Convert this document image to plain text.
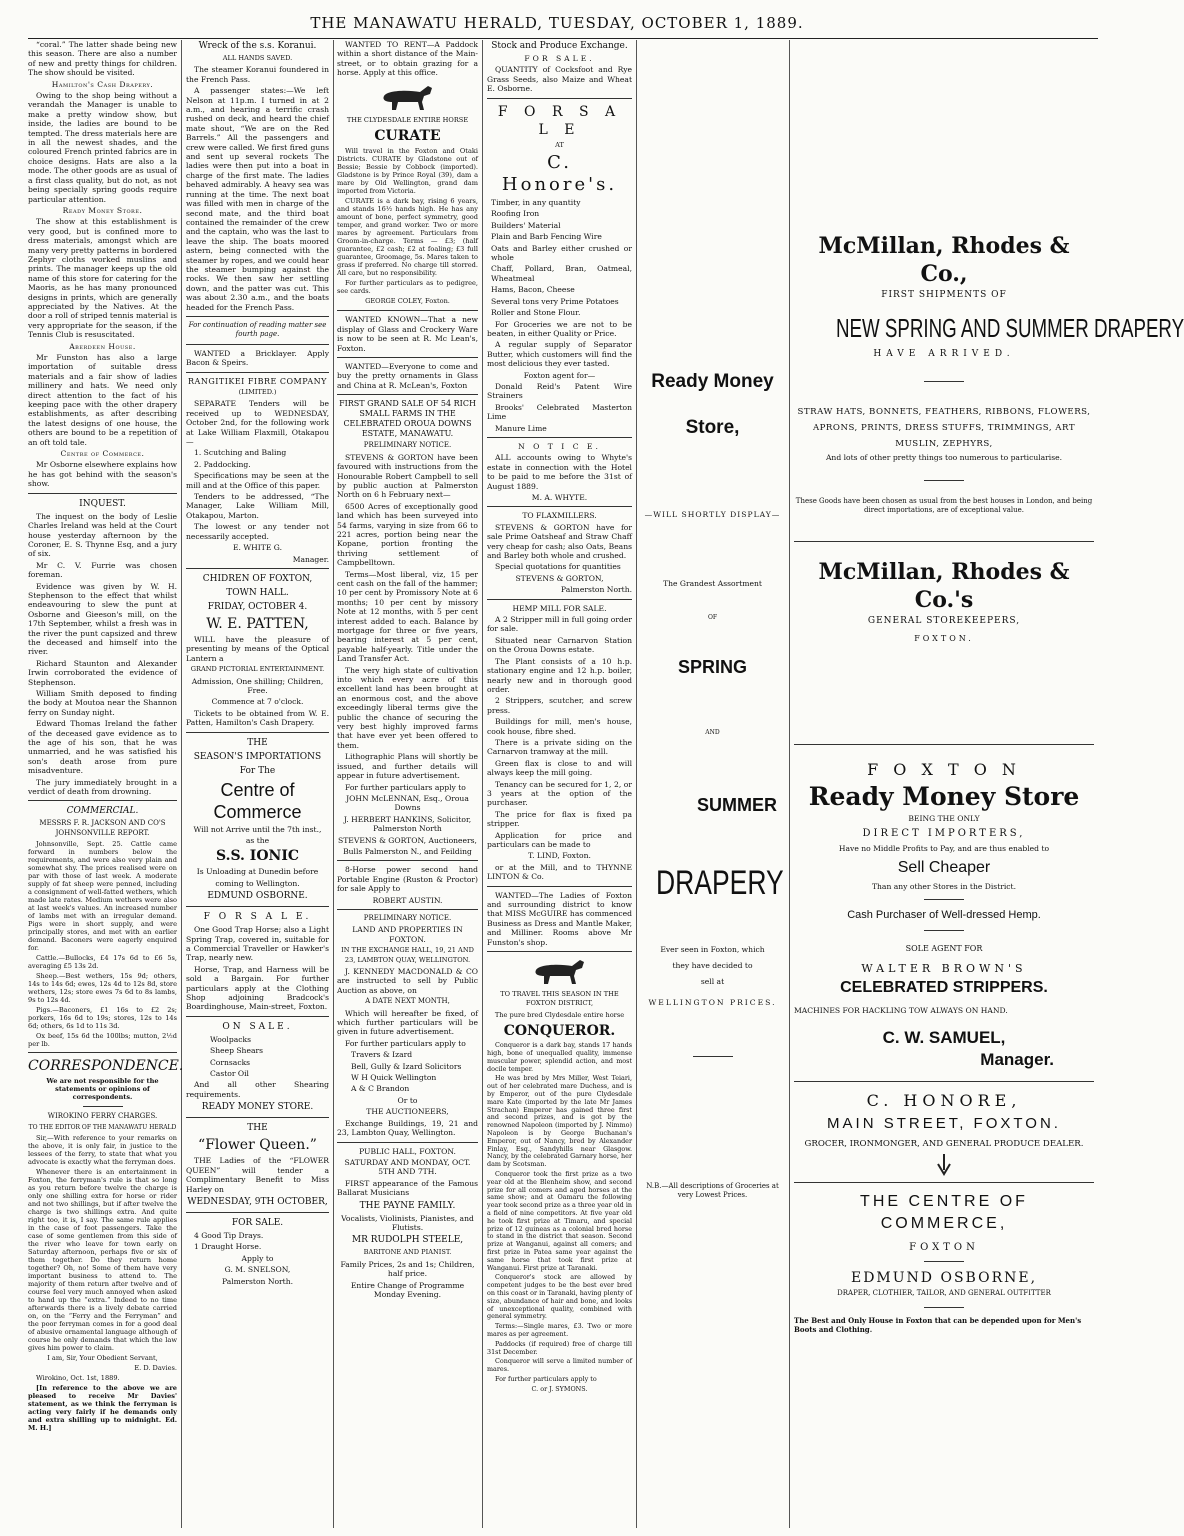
THE MANAWATU HERALD, TUESDAY, OCTOBER 1, 1889.

“coral.” The latter shade being new this season. There are also a number of new and pretty things for children. The show should be visited.

Hamilton's Cash Drapery.

Owing to the shop being without a verandah the Manager is unable to make a pretty window show, but inside, the ladies are bound to be tempted. The dress materials here are in all the newest shades, and the coloured French printed fabrics are in choice designs. Hats are also a la mode. The other goods are as usual of a first class quality, but do not, as not being specially spring goods require particular attention.

Ready Money Store.

The show at this establishment is very good, but is confined more to dress materials, amongst which are many very pretty patterns in bordered Zephyr cloths worked muslins and prints. The manager keeps up the old name of this store for catering for the Maoris, as he has many pronounced designs in prints, which are generally appreciated by the Natives. At the door a roll of striped tennis material is very appropriate for the season, if the Tennis Club is resuscitated.

Aberdeen House.

Mr Funston has also a large importation of suitable dress materials and a fair show of ladies millinery and hats. We need only direct attention to the fact of his keeping pace with the other drapery establishments, as after describing the latest designs of one house, the others are bound to be a repetition of an oft told tale.

Centre of Commerce.

Mr Osborne elsewhere explains how he has got behind with the season's show.

INQUEST.

The inquest on the body of Leslie Charles Ireland was held at the Court house yesterday afternoon by the Coroner, E. S. Thynne Esq, and a jury of six.

Mr C. V. Furrie was chosen foreman.

Evidence was given by W. H. Stephenson to the effect that whilst endeavouring to slew the punt at Osborne and Gieeson's mill, on the 17th September, whilst a fresh was in the river the punt capsized and threw the deceased and himself into the river.

Richard Staunton and Alexander Irwin corroborated the evidence of Stephenson.

William Smith deposed to finding the body at Moutoa near the Shannon ferry on Sunday night.

Edward Thomas Ireland the father of the deceased gave evidence as to the age of his son, that he was unmarried, and he was satisfied his son's death arose from pure misadventure.

The jury immediately brought in a verdict of death from drowning.

COMMERCIAL.

MESSRS F. R. JACKSON AND CO'S JOHNSONVILLE REPORT.

Johnsonville, Sept. 25. Cattle came forward in numbers below the requirements, and were also very plain and somewhat shy. The prices realised were on par with those of last week. A moderate supply of fat sheep were penned, including a consignment of well-fatted wethers, which made late rates. Medium wethers were also at last week's values. An increased number of lambs met with an irregular demand. Pigs were in short supply, and were principally stores, and met with an earlier demand. Baconers were eagerly enquired for.

Cattle.—Bullocks, £4 17s 6d to £6 5s, averaging £5 13s 2d.

Sheep.—Best wethers, 15s 9d; others, 14s to 14s 6d; ewes, 12s 4d to 12s 8d, store wethers, 12s; store ewes 7s 6d to 8s lambs, 9s to 12s 4d.

Pigs.—Baconers, £1 16s to £2 2s; porkers, 16s 6d to 19s; stores, 12s to 14s 6d; others, 6s 1d to 11s 3d.

Ox beef, 15s 6d the 100lbs; mutton, 2½d per lb.

CORRESPONDENCE.

We are not responsible for the statements or opinions of correspondents.

WIROKINO FERRY CHARGES.

TO THE EDITOR OF THE MANAWATU HERALD

Sir,—With reference to your remarks on the above, it is only fair, in justice to the lessees of the ferry, to state that what you advocate is exactly what the ferryman does.

Whenever there is an entertainment in Foxton, the ferryman's rule is that so long as you return before twelve the charge is only one shilling extra for horse or rider and not two shillings, but if after twelve the charge is two shillings extra. And quite right too, it is, I say. The same rule applies in the case of foot passengers. Take the case of some gentlemen from this side of the river who leave for town early on Saturday afternoon, perhaps five or six of them together. Do they return home together? Oh, no! Some of them have very important business to attend to. The majority of them return after twelve and of course feel very much annoyed when asked to hand up the “extra.” Indeed to no time afterwards there is a lively debate carried on, on the “Ferry and the Ferryman” and the poor ferryman comes in for a good deal of abusive ornamental language although of course he only demands that which the law gives him power to claim.

I am, Sir, Your Obedient Servant,

E. D. Davies.

Wirokino, Oct. 1st, 1889.

[In reference to the above we are pleased to receive Mr Davies' statement, as we think the ferryman is acting very fairly if he demands only and extra shilling up to midnight. Ed. M. H.]

Wreck of the s.s. Koranui.

ALL HANDS SAVED.

The steamer Koranui foundered in the French Pass.

A passenger states:—We left Nelson at 11p.m. I turned in at 2 a.m., and hearing a terrific crash rushed on deck, and heard the chief mate shout, “We are on the Red Barrels.” All the passengers and crew were called. We first fired guns and sent up several rockets The ladies were then put into a boat in charge of the first mate. The ladies behaved admirably. A heavy sea was running at the time. The next boat was filled with men in charge of the second mate, and the third boat contained the remainder of the crew and the captain, who was the last to leave the ship. The boats moored astern, being connected with the steamer by ropes, and we could hear the steamer bumping against the rocks. We then saw her settling down, and the patter was cut. This was about 2.30 a.m., and the boats headed for the French Pass.

For continuation of reading matter see fourth page.

WANTED a Bricklayer. Apply Bacon & Speirs.

RANGITIKEI FIBRE COMPANY

(LIMITED.)

SEPARATE Tenders will be received up to WEDNESDAY, October 2nd, for the following work at Lake William Flaxmill, Otakapou—

1. Scutching and Baling

2. Paddocking.

Specifications may be seen at the mill and at the Office of this paper.

Tenders to be addressed, “The Manager, Lake William Mill, Otakapou, Marton.

The lowest or any tender not necessarily accepted.

E. WHITE G.

Manager.

CHIDREN OF FOXTON,

TOWN HALL.

FRIDAY, OCTOBER 4.

W. E. PATTEN,

WILL have the pleasure of presenting by means of the Optical Lantern a

GRAND PICTORIAL ENTERTAINMENT.

Admission, One shilling; Children, Free.

Commence at 7 o'clock.

Tickets to be obtained from W. E. Patten, Hamilton's Cash Drapery.

THE

SEASON'S IMPORTATIONS

For The

Centre of Commerce

Will not Arrive until the 7th inst.,

as the

S.S. IONIC

Is Unloading at Dunedin before

coming to Wellington.

EDMUND OSBORNE.

F O R S A L E.

One Good Trap Horse; also a Light Spring Trap, covered in, suitable for a Commercial Traveller or Hawker's Trap, nearly new.

Horse, Trap, and Harness will be sold a Bargain. For further particulars apply at the Clothing Shop adjoining Bradcock's Boardinghouse, Main-street, Foxton.

ON SALE.

Woolpacks

Sheep Shears

Cornsacks

Castor Oil

And all other Shearing requirements.

READY MONEY STORE.

THE

“Flower Queen.”

THE Ladies of the “FLOWER QUEEN” will tender a Complimentary Benefit to Miss Harley on

WEDNESDAY, 9TH OCTOBER,

FOR SALE.

4 Good Tip Drays.

1 Draught Horse.

Apply to

G. M. SNELSON,

Palmerston North.

WANTED TO RENT—A Paddock within a short distance of the Main-street, or to obtain grazing for a horse. Apply at this office.

THE CLYDESDALE ENTIRE HORSE

CURATE

Will travel in the Foxton and Otaki Districts. CURATE by Gladstone out of Bessie; Bessie by Cobbock (imported). Gladstone is by Prince Royal (39), dam a mare by Old Wellington, grand dam imported from Victoria.

CURATE is a dark bay, rising 6 years, and stands 16½ hands high. He has any amount of bone, perfect symmetry, good temper, and grand worker. Two or more mares by agreement. Particulars from Groom-in-charge. Terms — £3; (half guarantee, £2 cash; £2 at foaling; £3 full guarantee, Groomage, 5s. Mares taken to grass if preferred. No charge till storred. All care, but no responsibility.

For further particulars as to pedigree, see cards.

GEORGE COLEY, Foxton.

WANTED KNOWN—That a new display of Glass and Crockery Ware is now to be seen at R. Mc Lean's, Foxton.

WANTED—Everyone to come and buy the pretty ornaments in Glass and China at R. McLean's, Foxton

FIRST GRAND SALE OF 54 RICH SMALL FARMS IN THE CELEBRATED OROUA DOWNS ESTATE, MANAWATU.

PRELIMINARY NOTICE.

STEVENS & GORTON have been favoured with instructions from the Honourable Robert Campbell to sell by public auction at Palmerston North on 6 h February next—

6500 Acres of exceptionally good land which has been surveyed into 54 farms, varying in size from 66 to 221 acres, portion being near the Kopane, portion fronting the thriving settlement of Campbelltown.

Terms—Most liberal, viz, 15 per cent cash on the fall of the hammer; 10 per cent by Promissory Note at 6 months; 10 per cent by missory Note at 12 months, with 5 per cent interest added to each. Balance by mortgage for three or five years, bearing interest at 5 per cent, payable half-yearly. Title under the Land Transfer Act.

The very high state of cultivation into which every acre of this excellent land has been brought at an enormous cost, and the above exceedingly liberal terms give the public the chance of securing the very best highly improved farms that have ever yet been offered to them.

Lithographic Plans will shortly be issued, and further details will appear in future advertisement.

For further particulars apply to

JOHN McLENNAN, Esq., Oroua Downs

J. HERBERT HANKINS, Solicitor, Palmerston North

STEVENS & GORTON, Auctioneers,

Bulls Palmerston N., and Feilding

8-Horse power second hand Portable Engine (Ruston & Proctor) for sale Apply to

ROBERT AUSTIN.

PRELIMINARY NOTICE.

LAND AND PROPERTIES IN FOXTON.

IN THE EXCHANGE HALL, 19, 21 AND 23, LAMBTON QUAY, WELLINGTON.

J. KENNEDY MACDONALD & CO are instructed to sell by Public Auction as above, on

A DATE NEXT MONTH,

Which will hereafter be fixed, of which further particulars will be given in future advertisement.

For further particulars apply to

Travers & Izard

Bell, Gully & Izard Solicitors

W H Quick Wellington

A & C Brandon

Or to

THE AUCTIONEERS,

Exchange Buildings, 19, 21 and 23, Lambton Quay, Wellington.

PUBLIC HALL, FOXTON.

SATURDAY AND MONDAY, OCT. 5TH AND 7TH.

FIRST appearance of the Famous Ballarat Musicians

THE PAYNE FAMILY.

Vocalists, Violinists, Pianistes, and Flutists.

MR RUDOLPH STEELE,

BARITONE AND PIANIST.

Family Prices, 2s and 1s; Children, half price.

Entire Change of Programme Monday Evening.

Stock and Produce Exchange.

FOR SALE.

QUANTITY of Cocksfoot and Rye Grass Seeds, also Maize and Wheat E. Osborne.

F O R S A L E

AT

C. Honore's.

Timber, in any quantity

Roofing Iron

Builders' Material

Plain and Barb Fencing Wire

Oats and Barley either crushed or whole

Chaff, Pollard, Bran, Oatmeal, Wheatmeal

Hams, Bacon, Cheese

Several tons very Prime Potatoes

Roller and Stone Flour.

For Groceries we are not to be beaten, in either Quality or Price.

A regular supply of Separator Butter, which customers will find the most delicious they ever tasted.

Foxton agent for—

Donald Reid's Patent Wire Strainers

Brooks' Celebrated Masterton Lime

Manure Lime

N O T I C E.

ALL accounts owing to Whyte's estate in connection with the Hotel to be paid to me before the 31st of August 1889.

M. A. WHYTE.

TO FLAXMILLERS.

STEVENS & GORTON have for sale Prime Oatsheaf and Straw Chaff very cheap for cash; also Oats, Beans and Barley both whole and crushed.

Special quotations for quantities

STEVENS & GORTON,

Palmerston North.

HEMP MILL FOR SALE.

A 2 Stripper mill in full going order for sale.

Situated near Carnarvon Station on the Oroua Downs estate.

The Plant consists of a 10 h.p. stationary engine and 12 h.p. boiler, nearly new and in thorough good order.

2 Strippers, scutcher, and screw press.

Buildings for mill, men's house, cook house, fibre shed.

There is a private siding on the Carnarvon tramway at the mill.

Green flax is close to and will always keep the mill going.

Tenancy can be secured for 1, 2, or 3 years at the option of the purchaser.

The price for flax is fixed pa stripper.

Application for price and particulars can be made to

T. LIND, Foxton.

or at the Mill, and to THYNNE LINTON & Co.

WANTED—The Ladies of Foxton and surrounding district to know that MISS McGUIRE has commenced Business as Dress and Mantle Maker, and Milliner. Rooms above Mr Funston's shop.

TO TRAVEL THIS SEASON IN THE FOXTON DISTRICT,

The pure bred Clydesdale entire horse

CONQUEROR.

Conqueror is a dark bay, stands 17 hands high, bone of unequalled quality, immense muscular power, splendid action, and most docile temper.

He was bred by Mrs Miller, West Teiari, out of her celebrated mare Duchess, and is by Emperor, out of the pure Clydesdale mare Kate (imported by the late Mr James Strachan) Emperor has gained three first and second prizes, and is got by the renowned Napoleon (imported by J. Nimmo) Napoleon is by George Buchanan's Emperor, out of Nancy, bred by Alexander Finlay, Esq., Sandyhills near Glasgow. Nancy, by the celebrated Garnary horse, her dam by Scotsman.

Conqueror took the first prize as a two year old at the Blenheim show, and second prize for all comers and aged horses at the same show; and at Oamaru the following year took second prize as a three year old in a field of nine competitors. At five year old he took first prize at Timaru, and special prize of 12 guineas as a colonial bred horse to stand in the district that season. Second prize at Wanganui, against all comers; and first prize in Patea same year against the same horse that took first prize at Wanganui. First prize at Taranaki.

Conqueror's stock are allowed by competent judges to be the best ever bred on this coast or in Taranaki, having plenty of size, abundance of hair and bone, and looks of unexceptional quality, combined with general symmetry.

Terms:—Single mares, £3. Two or more mares as per agreement.

Paddocks (if required) free of charge till 31st December.

Conqueror will serve a limited number of mares.

For further particulars apply to

C. or J. SYMONS.

Ready Money
Store,
—WILL SHORTLY DISPLAY—
The Grandest Assortment
OF
SPRING
AND
SUMMER
DRAPERY
Ever seen in Foxton, which
they have decided to
sell at
WELLINGTON PRICES.
N.B.—All descriptions of Groceries at very Lowest Prices.
McMillan, Rhodes & Co.,
FIRST SHIPMENTS OF
NEW SPRING AND SUMMER DRAPERY
HAVE ARRIVED.
STRAW HATS, BONNETS, FEATHERS, RIBBONS, FLOWERS, APRONS, PRINTS, DRESS STUFFS, TRIMMINGS, ART MUSLIN, ZEPHYRS,
And lots of other pretty things too numerous to particularise.
These Goods have been chosen as usual from the best houses in London, and being direct importations, are of exceptional value.
McMillan, Rhodes & Co.'s
GENERAL STOREKEEPERS,
FOXTON.
F O X T O N
Ready Money Store
BEING THE ONLY
DIRECT IMPORTERS,
Have no Middle Profits to Pay, and are thus enabled to
Sell Cheaper
Than any other Stores in the District.
Cash Purchaser of Well-dressed Hemp.
SOLE AGENT FOR
WALTER BROWN'S
CELEBRATED STRIPPERS.
MACHINES FOR HACKLING TOW ALWAYS ON HAND.
C. W. SAMUEL,
Manager.
C. HONORE,
MAIN STREET, FOXTON.
GROCER, IRONMONGER, AND GENERAL PRODUCE DEALER.
THE CENTRE OF COMMERCE,
FOXTON
EDMUND OSBORNE,
DRAPER, CLOTHIER, TAILOR, AND GENERAL OUTFITTER
The Best and Only House in Foxton that can be depended upon for Men's Boots and Clothing.
